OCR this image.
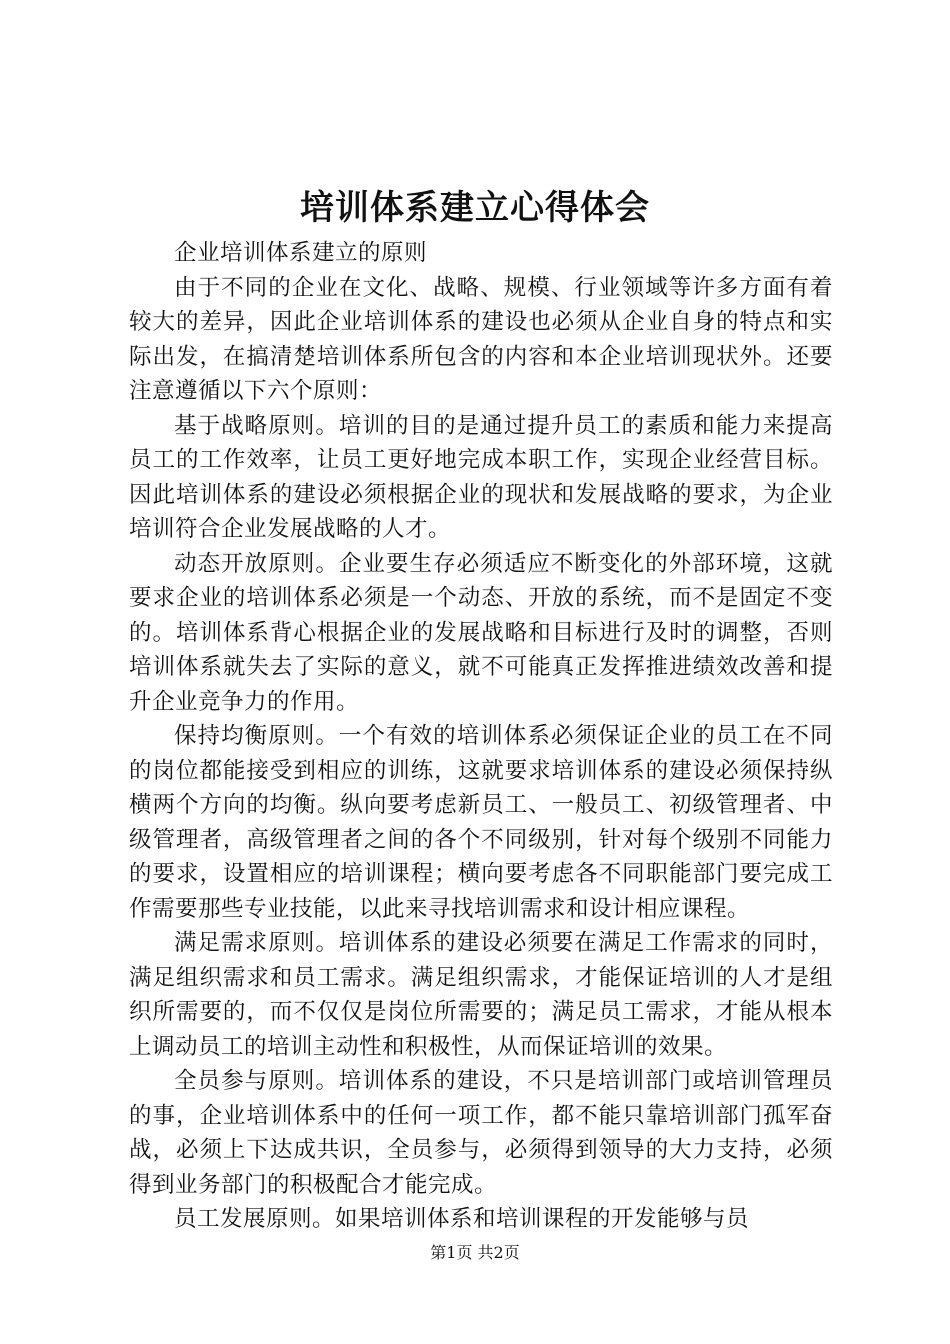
培训体系建立心得体会

企业培训体系建立的原则

由于不同的企业在文化、战略、规模、行业领域等许多方面有着较大的差异，因此企业培训体系的建设也必须从企业自身的特点和实际出发，在搞清楚培训体系所包含的内容和本企业培训现状外。还要注意遵循以下六个原则：

基于战略原则。培训的目的是通过提升员工的素质和能力来提高员工的工作效率，让员工更好地完成本职工作，实现企业经营目标。因此培训体系的建设必须根据企业的现状和发展战略的要求，为企业培训符合企业发展战略的人才。

动态开放原则。企业要生存必须适应不断变化的外部环境，这就要求企业的培训体系必须是一个动态、开放的系统，而不是固定不变的。培训体系背心根据企业的发展战略和目标进行及时的调整，否则培训体系就失去了实际的意义，就不可能真正发挥推进绩效改善和提升企业竞争力的作用。

保持均衡原则。一个有效的培训体系必须保证企业的员工在不同的岗位都能接受到相应的训练，这就要求培训体系的建设必须保持纵横两个方向的均衡。纵向要考虑新员工、一般员工、初级管理者、中级管理者，高级管理者之间的各个不同级别，针对每个级别不同能力的要求，设置相应的培训课程；横向要考虑各不同职能部门要完成工作需要那些专业技能，以此来寻找培训需求和设计相应课程。

满足需求原则。培训体系的建设必须要在满足工作需求的同时，满足组织需求和员工需求。满足组织需求，才能保证培训的人才是组织所需要的，而不仅仅是岗位所需要的；满足员工需求，才能从根本上调动员工的培训主动性和积极性，从而保证培训的效果。

全员参与原则。培训体系的建设，不只是培训部门或培训管理员的事，企业培训体系中的任何一项工作，都不能只靠培训部门孤军奋战，必须上下达成共识，全员参与，必须得到领导的大力支持，必须得到业务部门的积极配合才能完成。

员工发展原则。如果培训体系和培训课程的开发能够与员

第1页 共2页
